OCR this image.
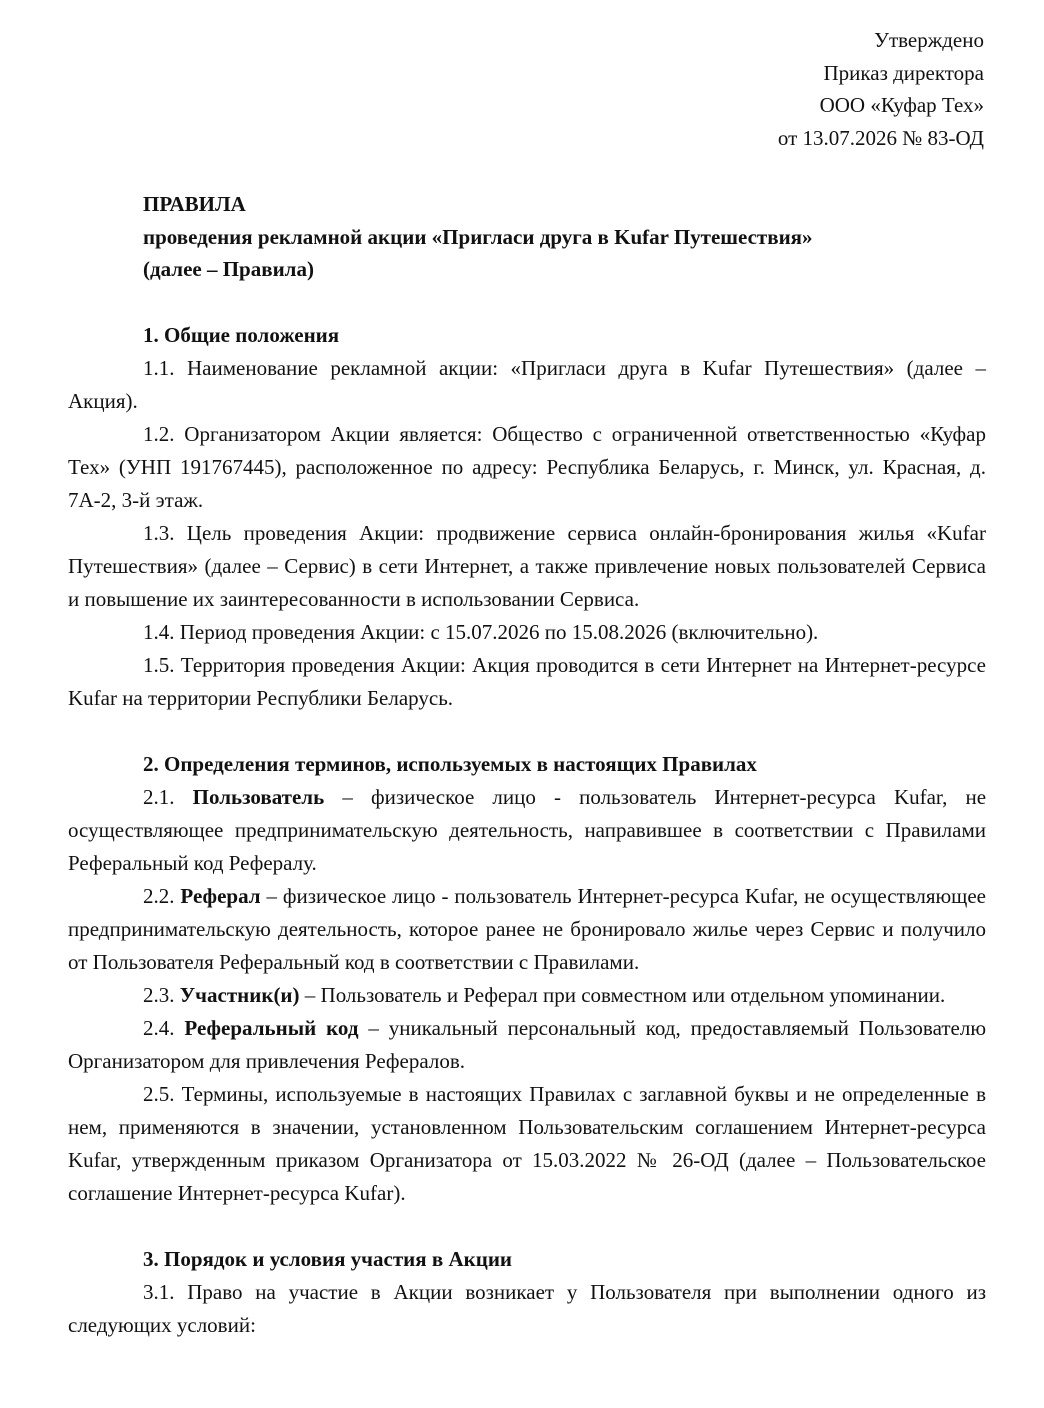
Утверждено
Приказ директора
ООО «Куфар Тех»
от 13.07.2026 № 83-ОД
ПРАВИЛА
проведения рекламной акции «Пригласи друга в Kufar Путешествия»
(далее – Правила)
1. Общие положения
1.1. Наименование рекламной акции: «Пригласи друга в Kufar Путешествия» (далее – Акция).
1.2. Организатором Акции является: Общество с ограниченной ответственностью «Куфар Тех» (УНП 191767445), расположенное по адресу: Республика Беларусь, г. Минск, ул. Красная, д. 7А-2, 3-й этаж.
1.3. Цель проведения Акции: продвижение сервиса онлайн-бронирования жилья «Kufar Путешествия» (далее – Сервис) в сети Интернет, а также привлечение новых пользователей Сервиса и повышение их заинтересованности в использовании Сервиса.
1.4. Период проведения Акции: с 15.07.2026 по 15.08.2026 (включительно).
1.5. Территория проведения Акции: Акция проводится в сети Интернет на Интернет-ресурсе Kufar на территории Республики Беларусь.
2. Определения терминов, используемых в настоящих Правилах
2.1. Пользователь – физическое лицо - пользователь Интернет-ресурса Kufar, не осуществляющее предпринимательскую деятельность, направившее в соответствии с Правилами Реферальный код Рефералу.
2.2. Реферал – физическое лицо - пользователь Интернет-ресурса Kufar, не осуществляющее предпринимательскую деятельность, которое ранее не бронировало жилье через Сервис и получило от Пользователя Реферальный код в соответствии с Правилами.
2.3. Участник(и) – Пользователь и Реферал при совместном или отдельном упоминании.
2.4. Реферальный код – уникальный персональный код, предоставляемый Пользователю Организатором для привлечения Рефералов.
2.5. Термины, используемые в настоящих Правилах с заглавной буквы и не определенные в нем, применяются в значении, установленном Пользовательским соглашением Интернет-ресурса Kufar, утвержденным приказом Организатора от 15.03.2022 № 26-ОД (далее – Пользовательское соглашение Интернет-ресурса Kufar).
3. Порядок и условия участия в Акции
3.1. Право на участие в Акции возникает у Пользователя при выполнении одного из следующих условий:
